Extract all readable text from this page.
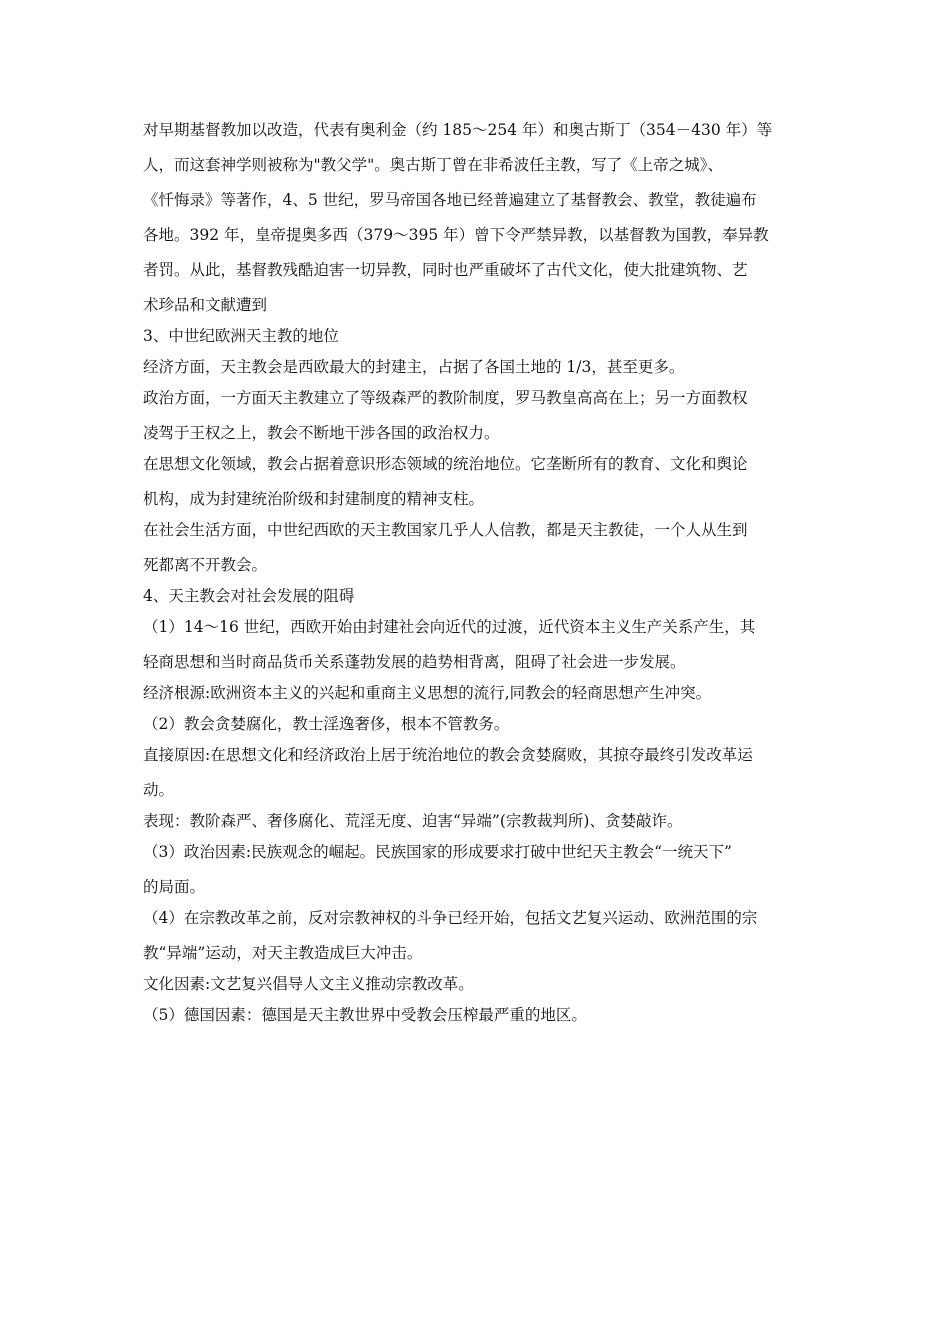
对早期基督教加以改造，代表有奥利金（约 185～254 年）和奥古斯丁（354－430 年）等

人，而这套神学则被称为"教父学"。奥古斯丁曾在非希波任主教，写了《上帝之城》、

《忏悔录》等著作，4、5 世纪，罗马帝国各地已经普遍建立了基督教会、教堂，教徒遍布

各地。392 年，皇帝提奥多西（379～395 年）曾下令严禁异教，以基督教为国教，奉异教

者罚。从此，基督教残酷迫害一切异教，同时也严重破坏了古代文化，使大批建筑物、艺

术珍品和文献遭到

3、中世纪欧洲天主教的地位

经济方面，天主教会是西欧最大的封建主，占据了各国土地的 1/3，甚至更多。

政治方面，一方面天主教建立了等级森严的教阶制度，罗马教皇高高在上；另一方面教权

凌驾于王权之上，教会不断地干涉各国的政治权力。

在思想文化领域，教会占据着意识形态领域的统治地位。它垄断所有的教育、文化和舆论

机构，成为封建统治阶级和封建制度的精神支柱。

在社会生活方面，中世纪西欧的天主教国家几乎人人信教，都是天主教徒，一个人从生到

死都离不开教会。

4、天主教会对社会发展的阻碍

（1）14～16 世纪，西欧开始由封建社会向近代的过渡，近代资本主义生产关系产生，其

轻商思想和当时商品货币关系蓬勃发展的趋势相背离，阻碍了社会进一步发展。

经济根源:欧洲资本主义的兴起和重商主义思想的流行,同教会的轻商思想产生冲突。

（2）教会贪婪腐化，教士淫逸奢侈，根本不管教务。

直接原因:在思想文化和经济政治上居于统治地位的教会贪婪腐败，其掠夺最终引发改革运

动。

表现：教阶森严、奢侈腐化、荒淫无度、迫害“异端”(宗教裁判所)、贪婪敲诈。

（3）政治因素:民族观念的崛起。民族国家的形成要求打破中世纪天主教会“一统天下”

的局面。

（4）在宗教改革之前，反对宗教神权的斗争已经开始，包括文艺复兴运动、欧洲范围的宗

教“异端”运动，对天主教造成巨大冲击。

文化因素:文艺复兴倡导人文主义推动宗教改革。

（5）德国因素：德国是天主教世界中受教会压榨最严重的地区。
